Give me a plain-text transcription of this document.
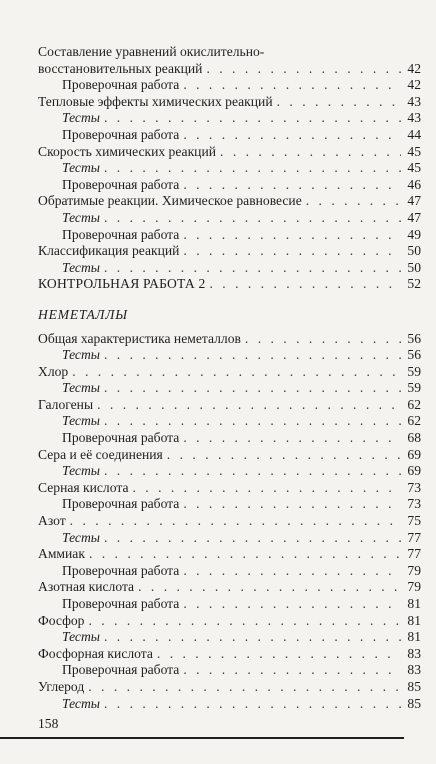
Составление уравнений окислительно-
восстановительных реакций . . .	42
Проверочная работа . . .	42
Тепловые эффекты химических реакций . . .	43
Тесты . . .	43
Проверочная работа . . .	44
Скорость химических реакций . . .	45
Тесты . . .	45
Проверочная работа . . .	46
Обратимые реакции. Химическое равновесие . . .	47
Тесты . . .	47
Проверочная работа . . .	49
Классификация реакций . . .	50
Тесты . . .	50
КОНТРОЛЬНАЯ РАБОТА 2 . . .	52
НЕМЕТАЛЛЫ
Общая характеристика неметаллов . . .	56
Тесты . . .	56
Хлор . . .	59
Тесты . . .	59
Галогены . . .	62
Тесты . . .	62
Проверочная работа . . .	68
Сера и её соединения . . .	69
Тесты . . .	69
Серная кислота . . .	73
Проверочная работа . . .	73
Азот . . .	75
Тесты . . .	77
Аммиак . . .	77
Проверочная работа . . .	79
Азотная кислота . . .	79
Проверочная работа . . .	81
Фосфор . . .	81
Тесты . . .	81
Фосфорная кислота . . .	83
Проверочная работа . . .	83
Углерод . . .	85
Тесты . . .	85
158
